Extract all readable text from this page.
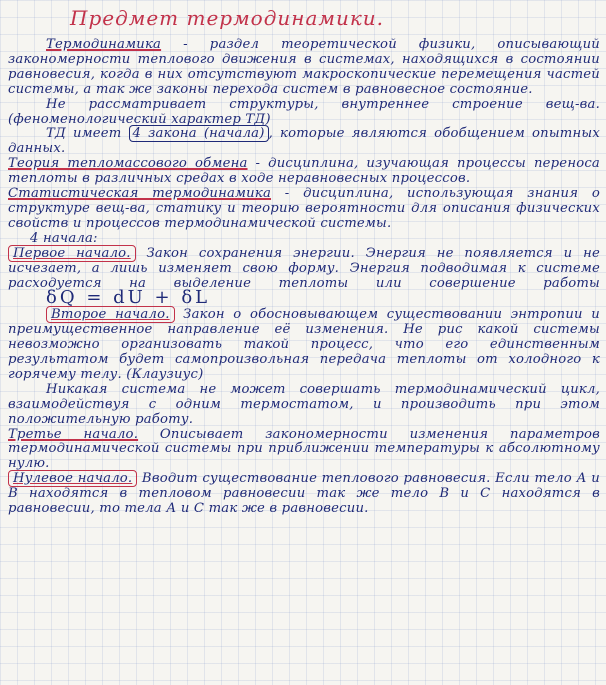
Предмет термодинамики.

Термодинамика - раздел теоретической физики, описывающий закономерности теплового движения в системах, находящихся в состоянии равновесия, когда в них отсутствуют макроскопические перемещения частей системы, а так же законы перехода систем в равновесное состояние.

Не рассматривает структуры, внутреннее строение вещ-ва. (феноменологический характер ТД)

ТД имеет 4 закона (начала) , которые являются обобщением опытных данных.

Теория тепломассового обмена - дисциплина, изучающая процессы переноса теплоты в различных средах в ходе неравновесных процессов.

Статистическая термодинамика - дисциплина, использующая знания о структуре вещ-ва, статику и теорию вероятности для описания физических свойств и процессов термодинамической системы.

4 начала:

Первое начало. Закон сохранения энергии. Энергия не появляется и не исчезает, а лишь изменяет свою форму. Энергия подводимая к системе расходуется на выделение теплоты или совершение работыδQ = dU + δL

Второе начало. Закон о обосновывающем существовании энтропии и преимущественное направление её изменения. Не рис какой системы невозможно организовать такой процесс, что его единственным результатом будет самопроизвольная передача теплоты от холодного к горячему телу. (Клаузиус)

Никакая система не может совершать термодинамический цикл, взаимодействуя с одним термостатом, и производить при этом положительную работу.

Третье начало. Описывает закономерности изменения параметров термодинамической системы при приближении температуры к абсолютному нулю.

Нулевое начало. Вводит существование теплового равновесия. Если тело А и В находятся в тепловом равновесии так же тело В и С находятся в равновесии, то тела А и С так же в равновесии.
